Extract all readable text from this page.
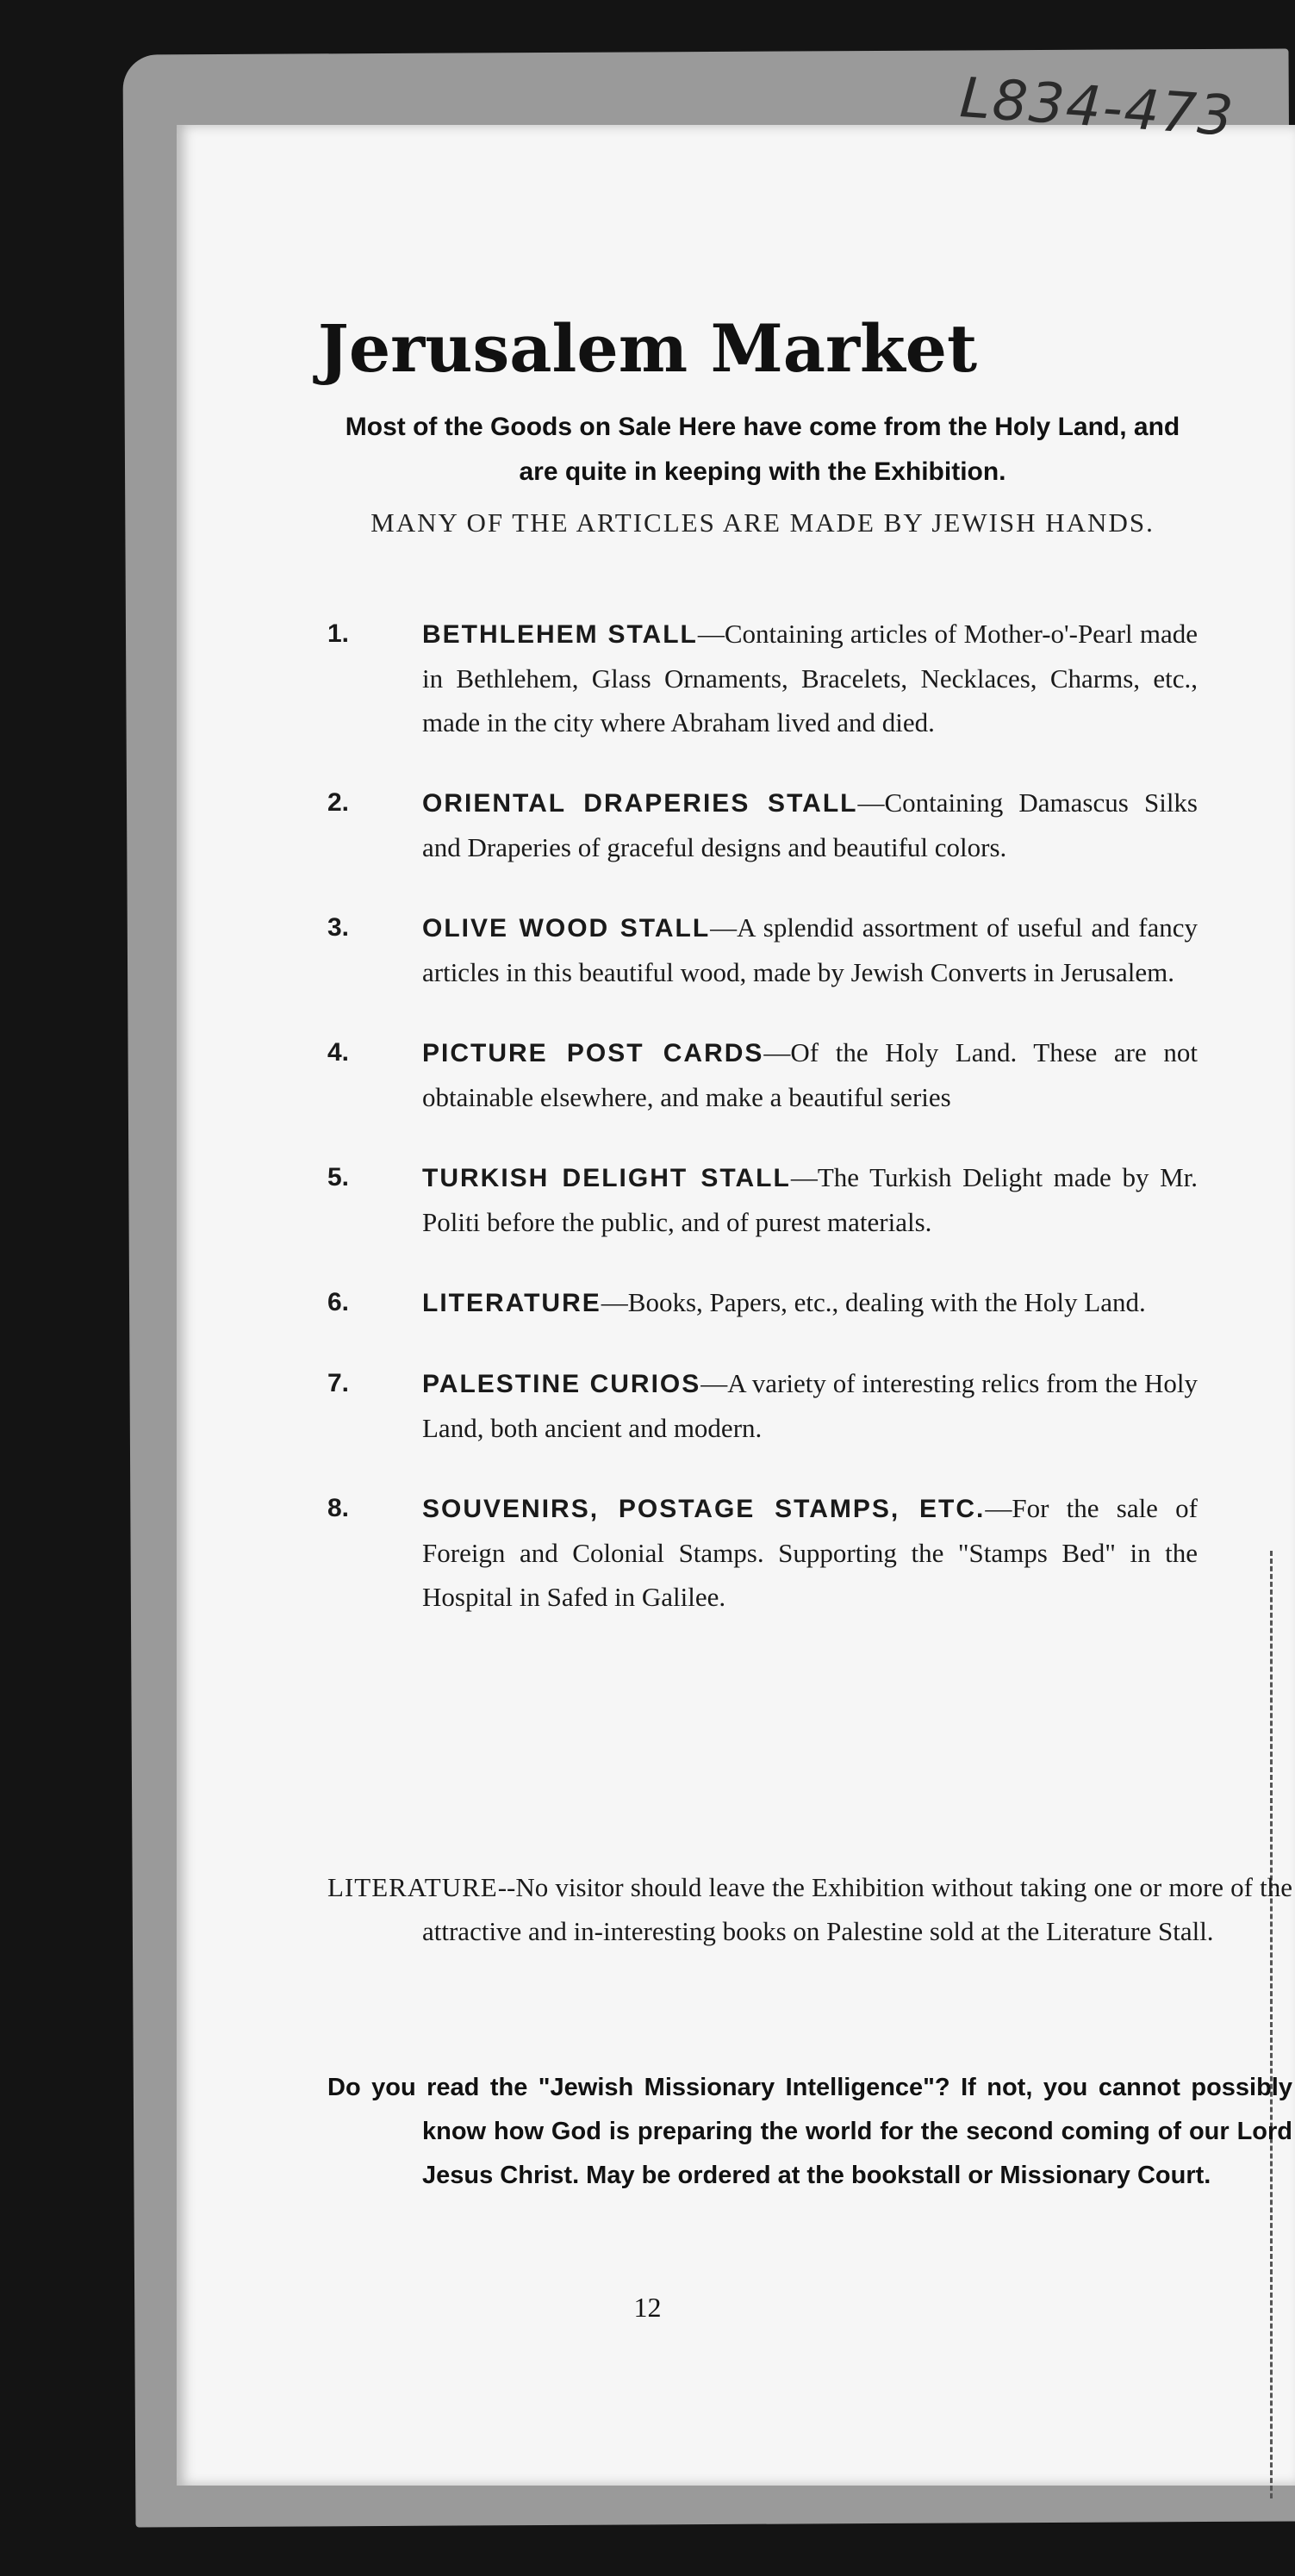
L834-473
Jerusalem Market
Most of the Goods on Sale Here have come from the Holy Land, and are quite in keeping with the Exhibition.
MANY OF THE ARTICLES ARE MADE BY JEWISH HANDS.
1.	BETHLEHEM STALL—Containing articles of Mother-o'-Pearl made in Bethlehem, Glass Ornaments, Bracelets, Necklaces, Charms, etc., made in the city where Abraham lived and died.
2.	ORIENTAL DRAPERIES STALL—Containing Damascus Silks and Draperies of graceful designs and beautiful colors.
3.	OLIVE WOOD STALL—A splendid assortment of useful and fancy articles in this beautiful wood, made by Jewish Converts in Jerusalem.
4.	PICTURE POST CARDS—Of the Holy Land. These are not obtainable elsewhere, and make a beautiful series
5.	TURKISH DELIGHT STALL—The Turkish Delight made by Mr. Politi before the public, and of purest materials.
6.	LITERATURE—Books, Papers, etc., dealing with the Holy Land.
7.	PALESTINE CURIOS—A variety of interesting relics from the Holy Land, both ancient and modern.
8.	SOUVENIRS, POSTAGE STAMPS, ETC.—For the sale of Foreign and Colonial Stamps. Supporting the "Stamps Bed" in the Hospital in Safed in Galilee.
LITERATURE--No visitor should leave the Exhibition without taking one or more of the attractive and in-interesting books on Palestine sold at the Literature Stall.
Do you read the "Jewish Missionary Intelligence"? If not, you cannot possibly know how God is preparing the world for the second coming of our Lord Jesus Christ. May be ordered at the bookstall or Missionary Court.
12
